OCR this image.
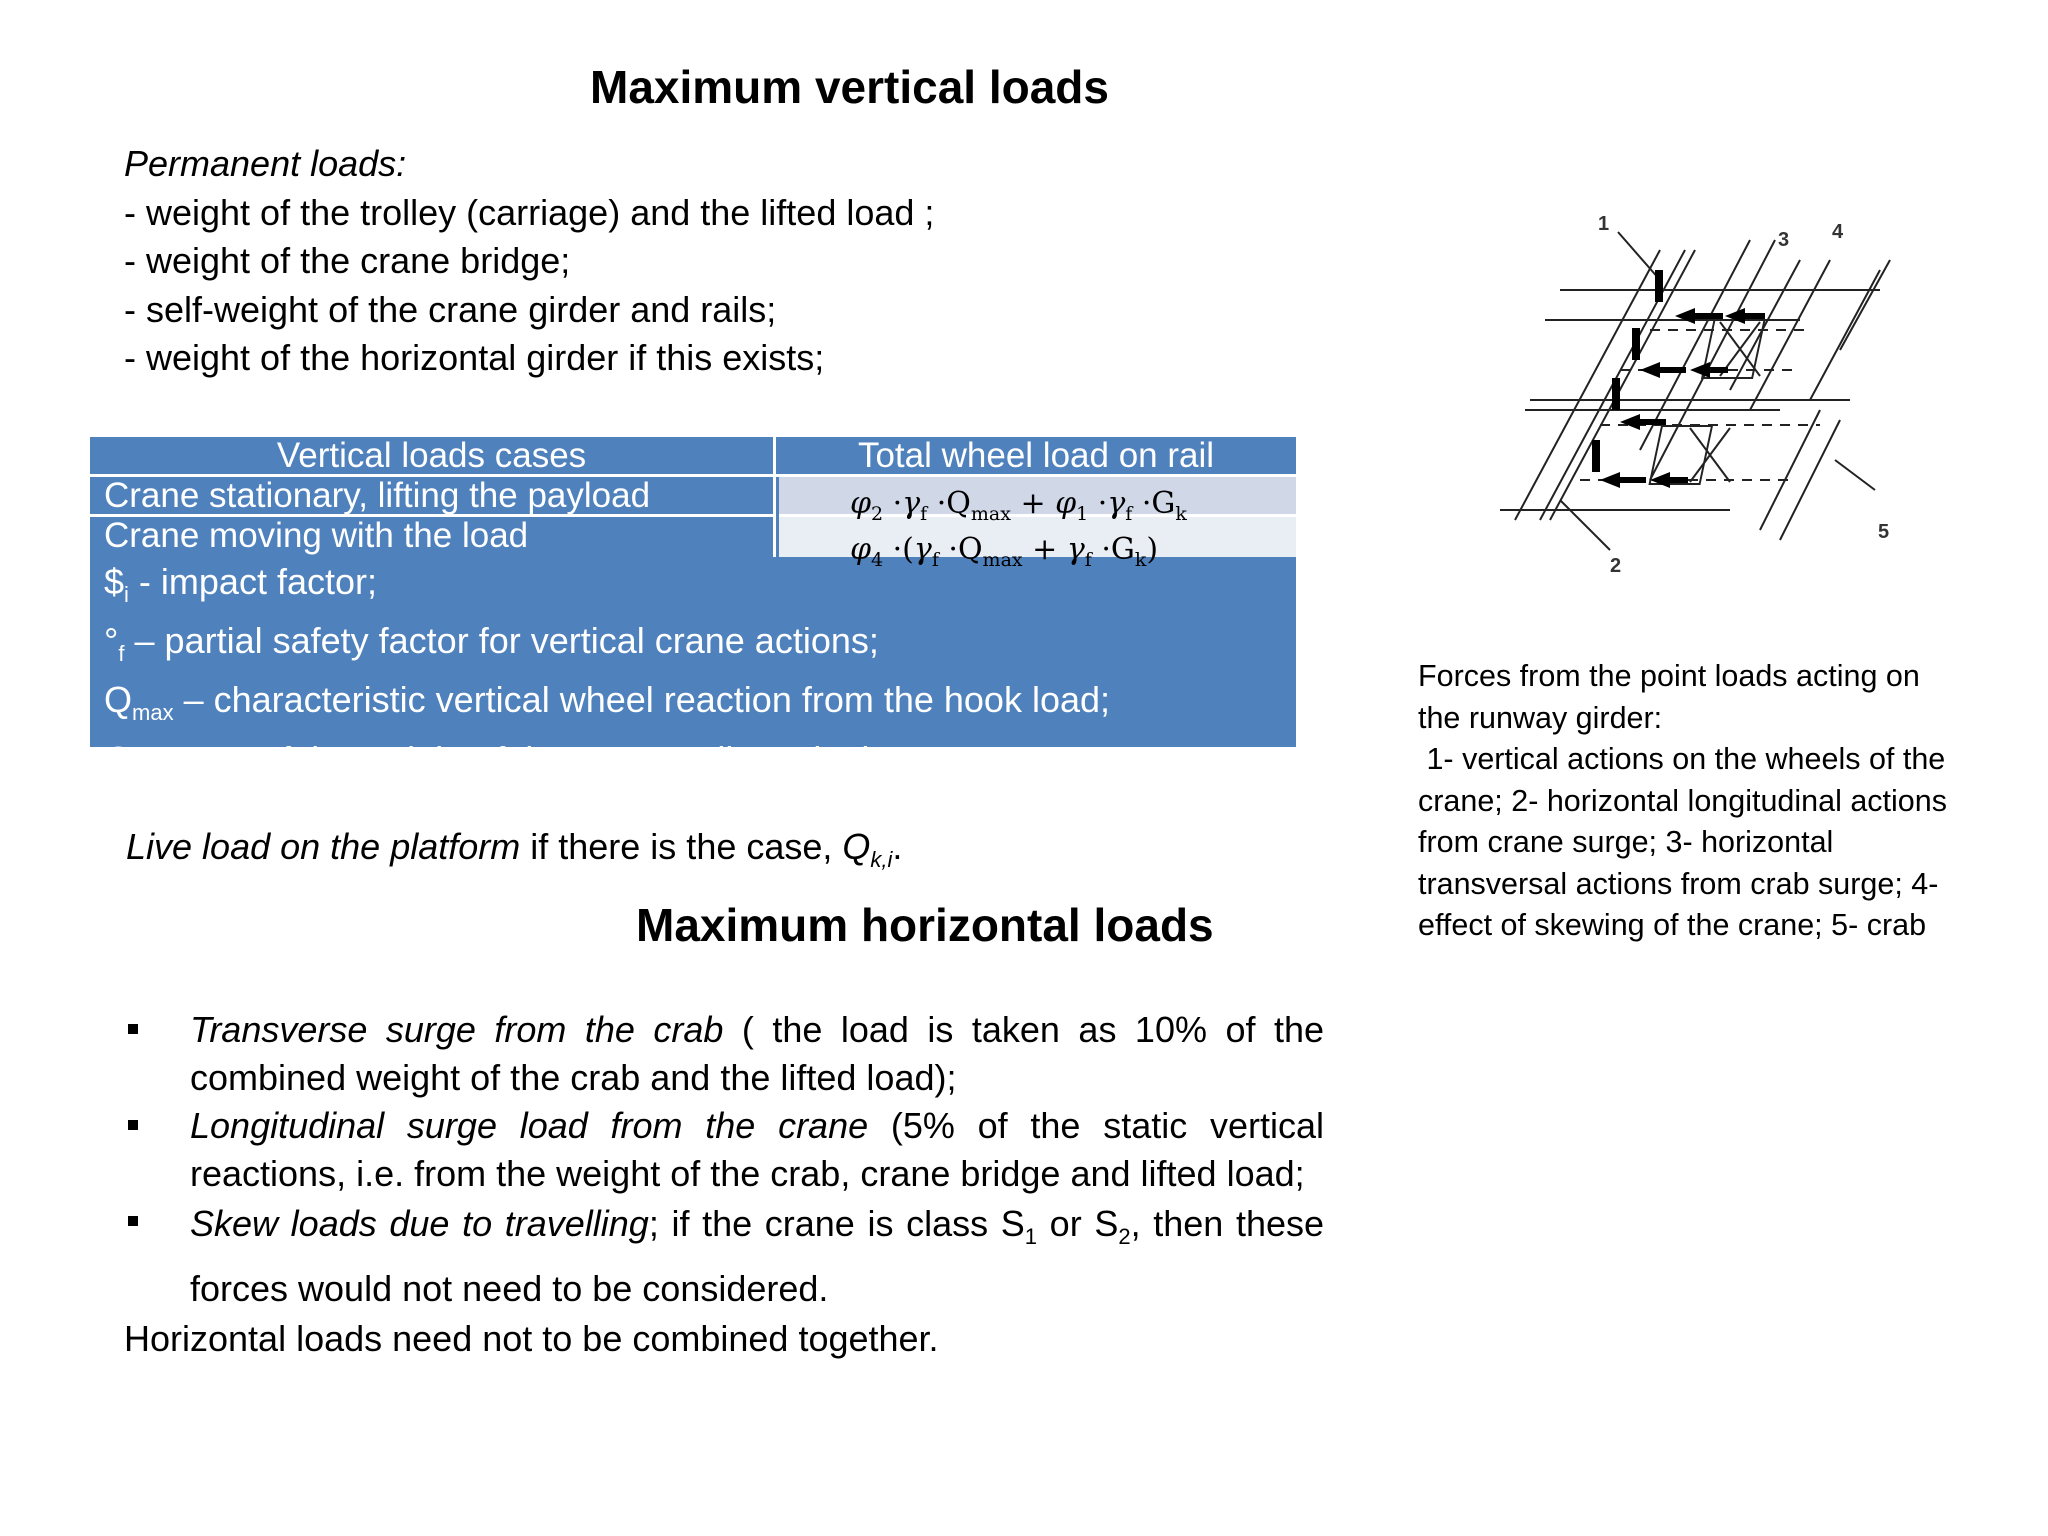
Maximum vertical loads
Permanent loads:
- weight of the trolley (carriage) and the lifted load ;
- weight of the crane bridge;
- self-weight of the crane girder and rails;
- weight of the horizontal girder if this exists;
Vertical loads cases	Total wheel load on rail
Crane stationary, lifting the payload
Crane moving with the load
$\$_i$ - impact factor;
$^\circ_f$ – partial safety factor for vertical crane actions;
$Q_{max}$ – characteristic vertical wheel reaction from the hook load;
$G_k$ – sum of the weight of the crane, rails and others
$\varphi_2 \cdot\gamma_f \cdot Q_{max} + \varphi_1 \cdot\gamma_f \cdot G_k$
$\varphi_4 \cdot(\gamma_f \cdot Q_{max} + \gamma_f \cdot G_k)$
Live load on the platform if there is the case, $Q_{k,i}$.
Maximum horizontal loads
Transverse surge from the crab ( the load is taken as 10% of the combined weight of the crab and the lifted load);
Longitudinal surge load from the crane (5% of the static vertical reactions, i.e. from the weight of the crab, crane bridge and lifted load;
Skew loads due to travelling; if the crane is class $S_1$ or $S_2$, then these forces would not need to be considered.
Horizontal loads need not to be combined together.
1
3 4
5
2
Forces from the point loads acting on
the runway girder:
1- vertical actions on the wheels of the
crane; 2- horizontal longitudinal actions
from crane surge; 3- horizontal
transversal actions from crab surge; 4-
effect of skewing of the crane; 5- crab
